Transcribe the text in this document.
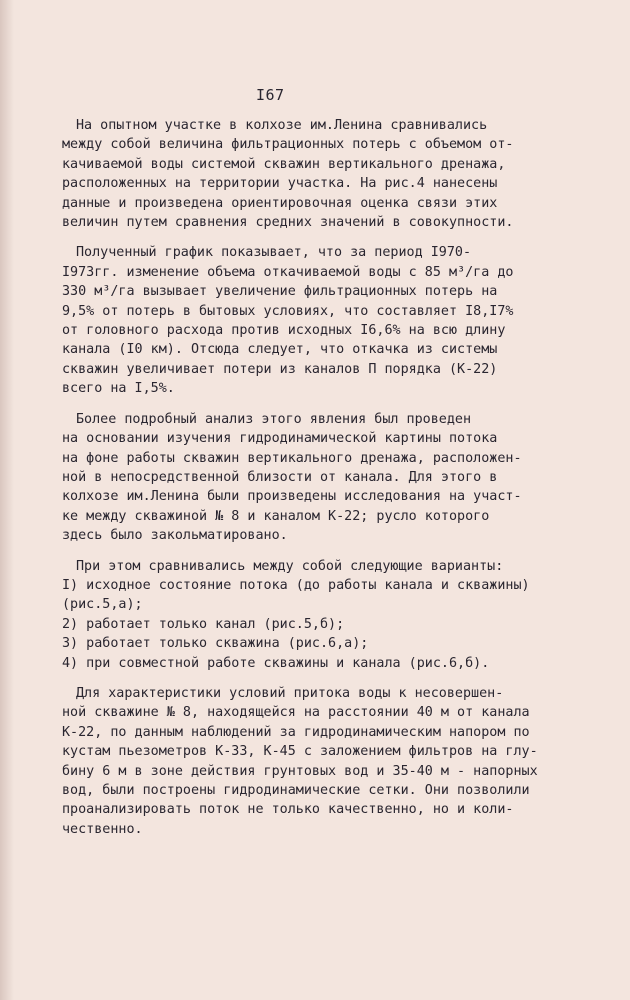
I67
На опытном участке в колхозе им.Ленина сравнивались
между собой величина фильтрационных потерь с объемом от-
качиваемой воды системой скважин вертикального дренажа,
расположенных на территории участка. На рис.4 нанесены
данные и произведена ориентировочная оценка связи этих
величин путем сравнения средних значений в совокупности.
Полученный график показывает, что за период I970-
I973гг. изменение объема откачиваемой воды с 85 м³/га до
330 м³/га вызывает увеличение фильтрационных потерь на
9,5% от потерь в бытовых условиях, что составляет I8,I7%
от головного расхода против исходных I6,6% на всю длину
канала (I0 км). Отсюда следует, что откачка из системы
скважин увеличивает потери из каналов П порядка (К-22)
всего на I,5%.
Более подробный анализ этого явления был проведен
на основании изучения гидродинамической картины потока
на фоне работы скважин вертикального дренажа, расположен-
ной в непосредственной близости от канала. Для этого в
колхозе им.Ленина были произведены исследования на участ-
ке между скважиной № 8 и каналом К-22; русло которого
здесь было закольматировано.
При этом сравнивались между собой следующие варианты:
I) исходное состояние потока (до работы канала и скважины)
(рис.5,а);
2) работает только канал (рис.5,б);
3) работает только скважина (рис.6,а);
4) при совместной работе скважины и канала (рис.6,б).
Для характеристики условий притока воды к несовершен-
ной скважине № 8, находящейся на расстоянии 40 м от канала
К-22, по данным наблюдений за гидродинамическим напором по
кустам пьезометров К-33, К-45 с заложением фильтров на глу-
бину 6 м в зоне действия грунтовых вод и 35-40 м - напорных
вод, были построены гидродинамические сетки. Они позволили
проанализировать поток не только качественно, но и коли-
чественно.
